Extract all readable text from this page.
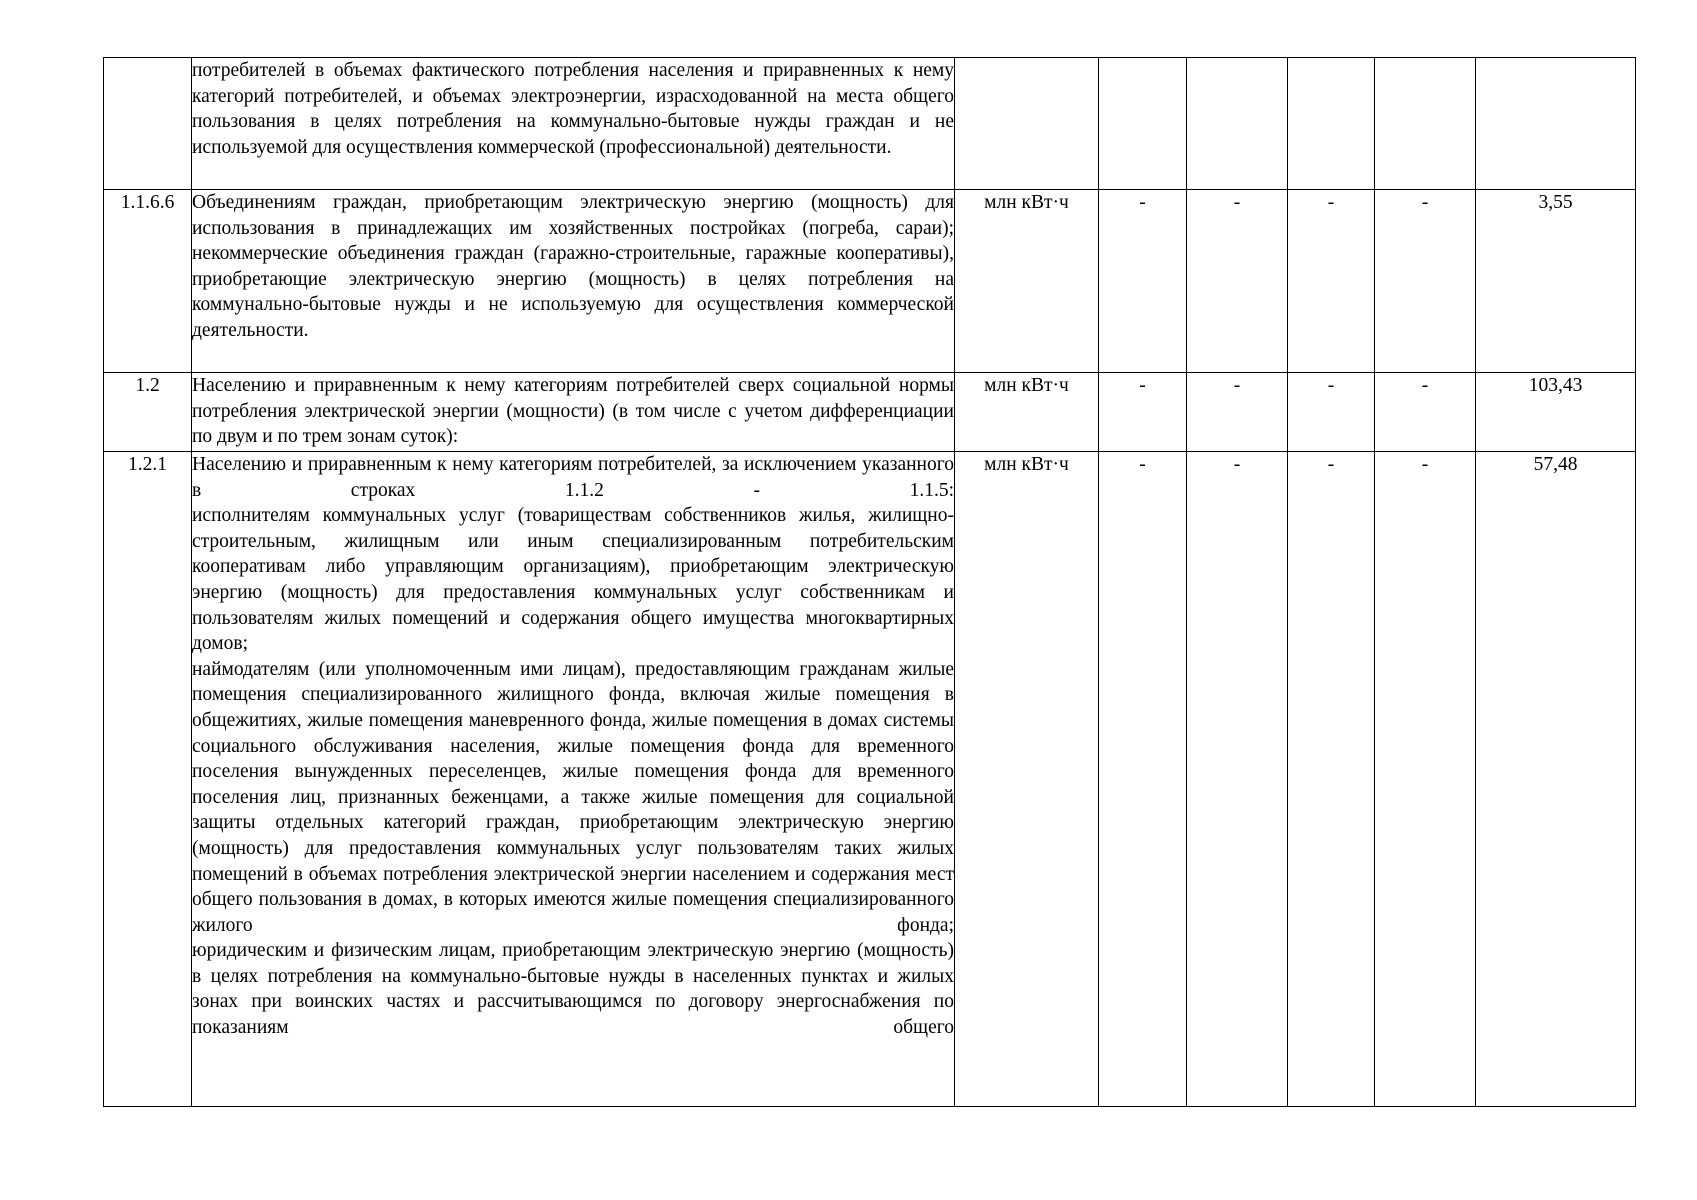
	потребителей в объемах фактического потребления населения и приравненных к нему категорий потребителей, и объемах электроэнергии, израсходованной на места общего пользования в целях потребления на коммунально-бытовые нужды граждан и не используемой для осуществления коммерческой (профессиональной) деятельности.						

1.1.6.6	Объединениям граждан, приобретающим электрическую энергию (мощность) для использования в принадлежащих им хозяйственных постройках (погреба, сараи);
некоммерческие объединения граждан (гаражно-строительные, гаражные кооперативы), приобретающие электрическую энергию (мощность) в целях потребления на коммунально-бытовые нужды и не используемую для осуществления коммерческой деятельности.	млн кВт·ч	-	-	-	-	3,55
1.2	Населению и приравненным к нему категориям потребителей сверх социальной нормы потребления электрической энергии (мощности) (в том числе с учетом дифференциации по двум и по трем зонам суток):	млн кВт·ч	-	-	-	-	103,43
1.2.1	Населению и приравненным к нему категориям потребителей, за исключением указанного в строках 1.1.2 - 1.1.5:
исполнителям коммунальных услуг (товариществам собственников жилья, жилищно-строительным, жилищным или иным специализированным потребительским кооперативам либо управляющим организациям), приобретающим электрическую энергию (мощность) для предоставления коммунальных услуг собственникам и пользователям жилых помещений и содержания общего имущества многоквартирных домов;
наймодателям (или уполномоченным ими лицам), предоставляющим гражданам жилые помещения специализированного жилищного фонда, включая жилые помещения в общежитиях, жилые помещения маневренного фонда, жилые помещения в домах системы социального обслуживания населения, жилые помещения фонда для временного поселения вынужденных переселенцев, жилые помещения фонда для временного поселения лиц, признанных беженцами, а также жилые помещения для социальной защиты отдельных категорий граждан, приобретающим электрическую энергию (мощность) для предоставления коммунальных услуг пользователям таких жилых помещений в объемах потребления электрической энергии населением и содержания мест общего пользования в домах, в которых имеются жилые помещения специализированного жилого фонда;
юридическим и физическим лицам, приобретающим электрическую энергию (мощность) в целях потребления на коммунально-бытовые нужды в населенных пунктах и жилых зонах при воинских частях и рассчитывающимся по договору энергоснабжения по показаниям общего	млн кВт·ч	-	-	-	-	57,48
